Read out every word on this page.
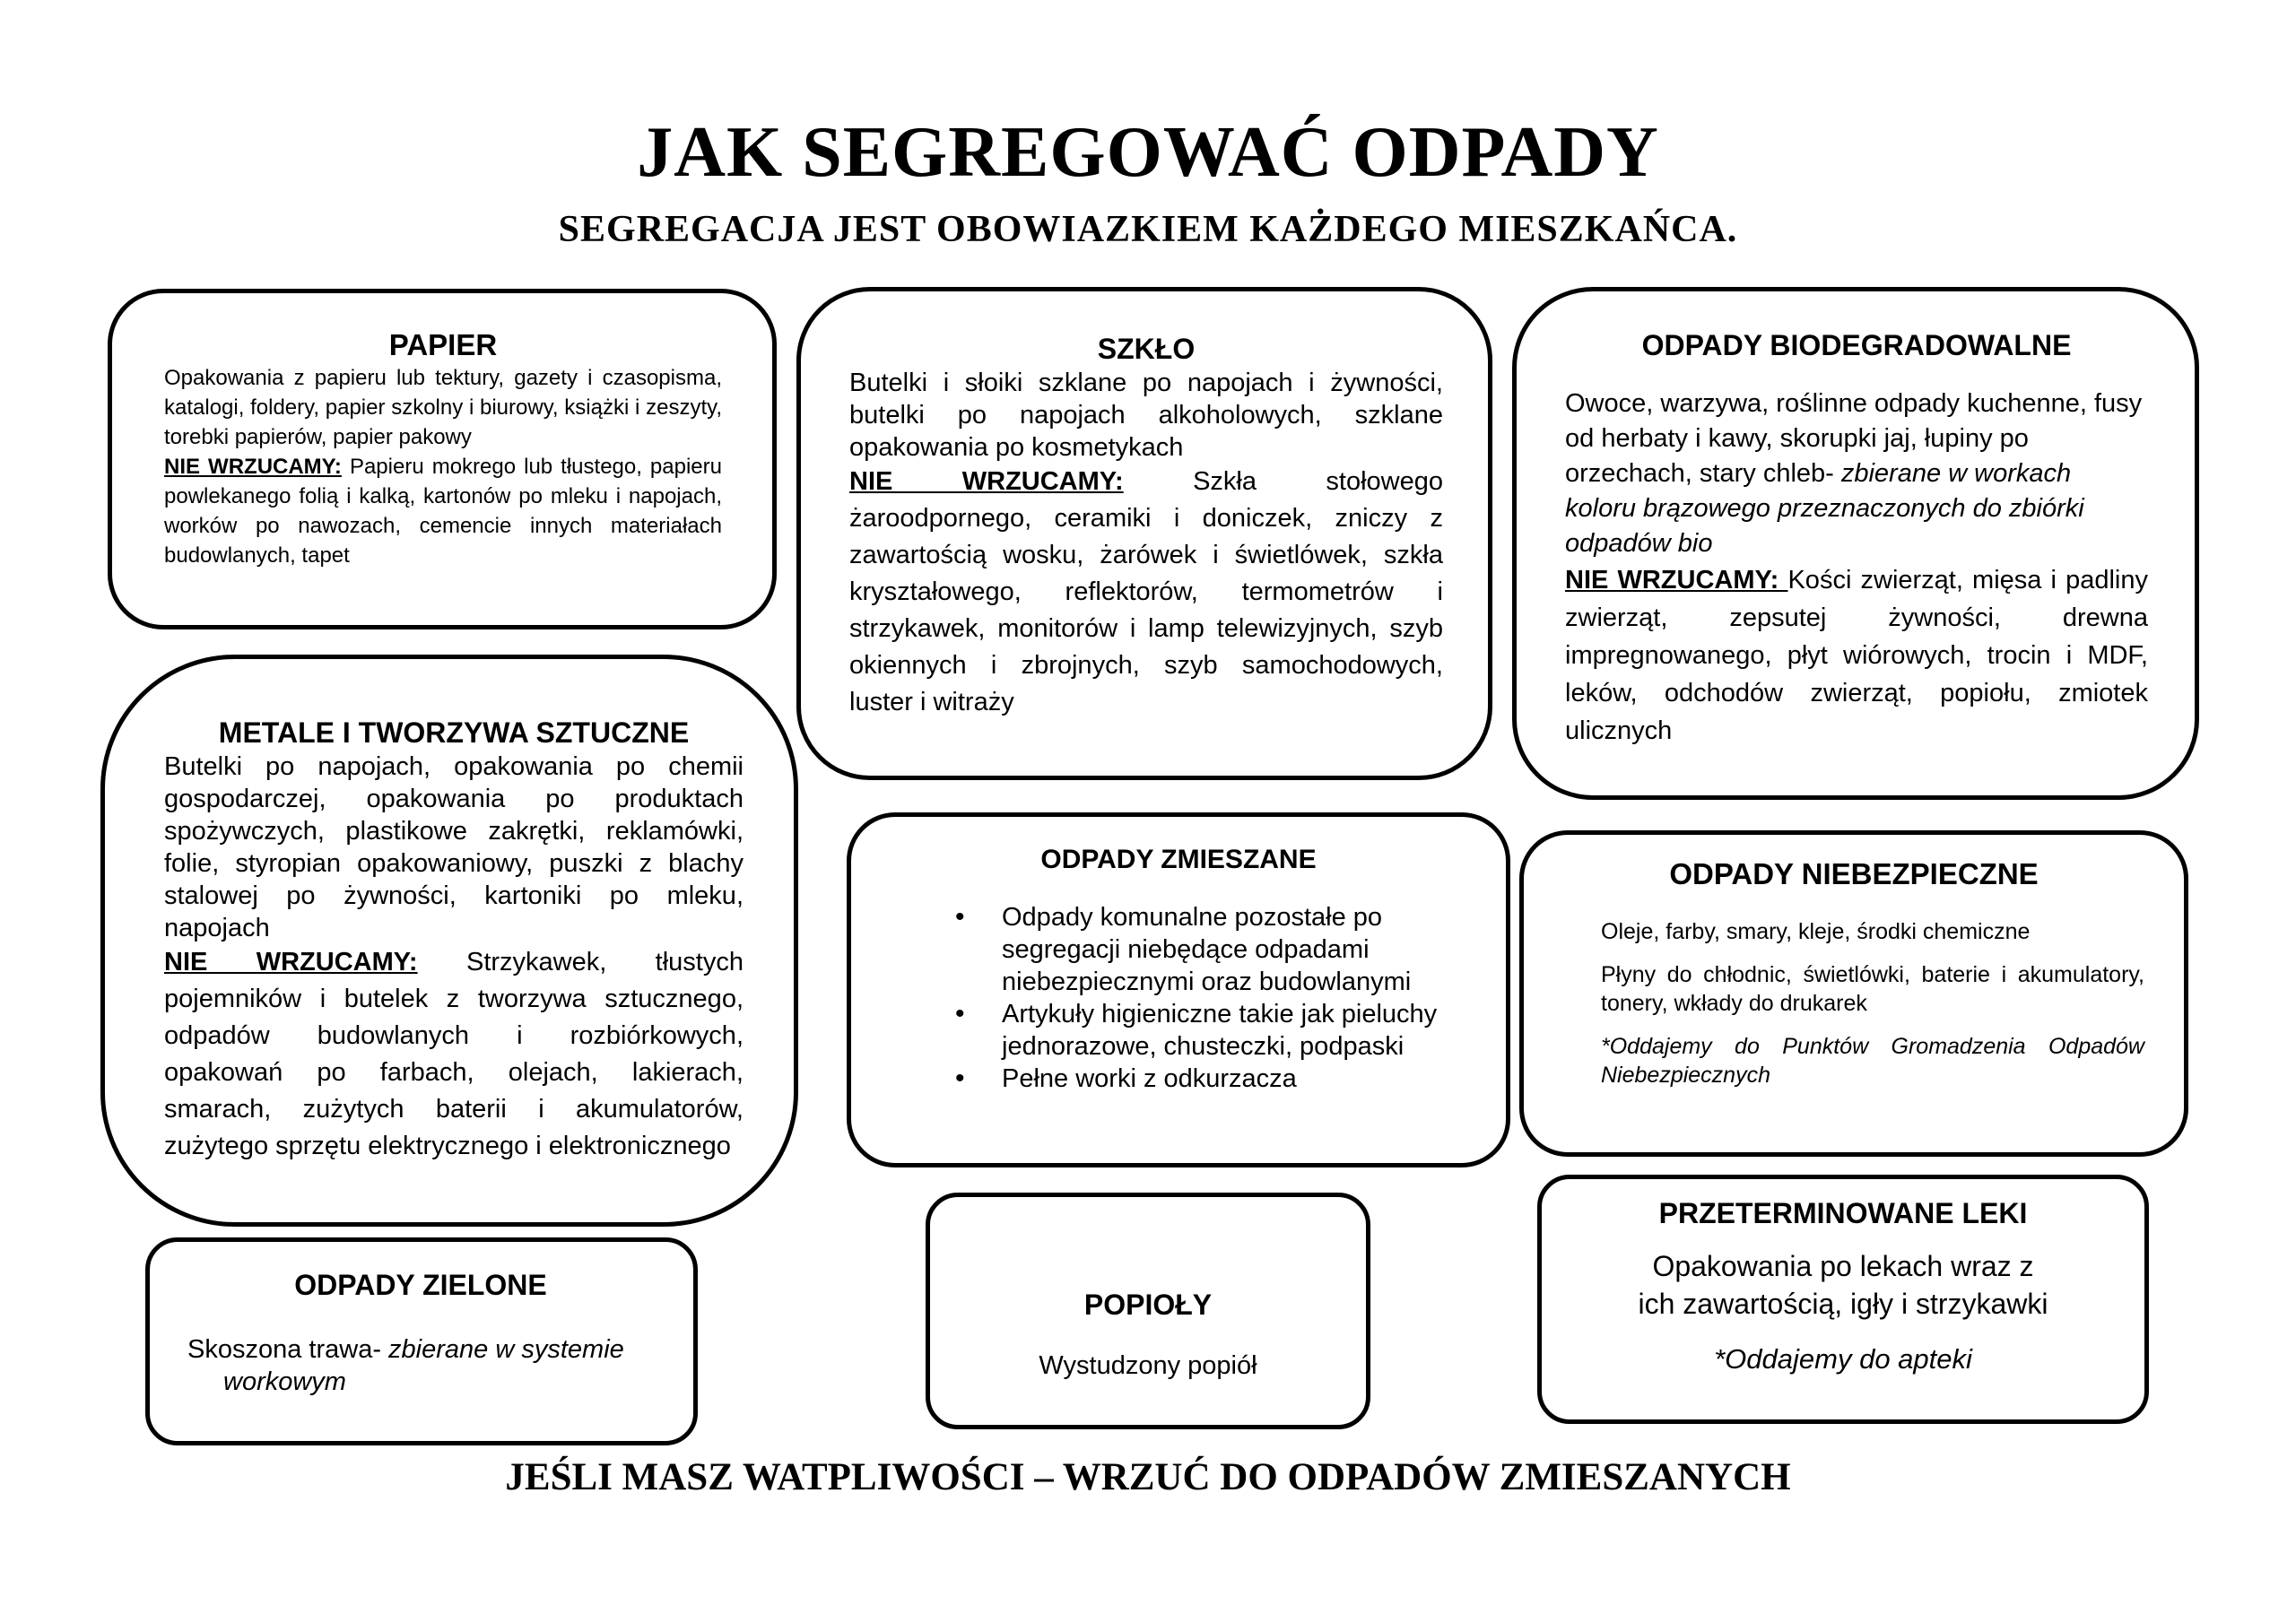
JAK SEGREGOWAĆ ODPADY
SEGREGACJA JEST OBOWIAZKIEM KAŻDEGO MIESZKAŃCA.
PAPIER

Opakowania z papieru lub tektury, gazety i czasopisma, katalogi, foldery, papier szkolny i biurowy, książki i zeszyty, torebki papierów, papier pakowy

NIE WRZUCAMY: Papieru mokrego lub tłustego, papieru powlekanego folią i kalką, kartonów po mleku i napojach, worków po nawozach, cemencie innych materiałach budowlanych, tapet

SZKŁO

Butelki i słoiki szklane po napojach i żywności, butelki po napojach alkoholowych, szklane opakowania po kosmetykach

NIE WRZUCAMY: Szkła stołowego żaroodpornego, ceramiki i doniczek, zniczy z zawartością wosku, żarówek i świetlówek, szkła kryształowego, reflektorów, termometrów i strzykawek, monitorów i lamp telewizyjnych, szyb okiennych i zbrojnych, szyb samochodowych, luster i witraży

ODPADY BIODEGRADOWALNE

Owoce, warzywa, roślinne odpady kuchenne, fusy od herbaty i kawy, skorupki jaj, łupiny po orzechach, stary chleb- zbierane w workach koloru brązowego przeznaczonych do zbiórki odpadów bio

NIE WRZUCAMY: Kości zwierząt, mięsa i padliny zwierząt, zepsutej żywności, drewna impregnowanego, płyt wiórowych, trocin i MDF, leków, odchodów zwierząt, popiołu, zmiotek ulicznych

METALE I TWORZYWA SZTUCZNE

Butelki po napojach, opakowania po chemii gospodarczej, opakowania po produktach spożywczych, plastikowe zakrętki, reklamówki, folie, styropian opakowaniowy, puszki z blachy stalowej po żywności, kartoniki po mleku, napojach

NIE WRZUCAMY: Strzykawek, tłustych pojemników i butelek z tworzywa sztucznego, odpadów budowlanych i rozbiórkowych, opakowań po farbach, olejach, lakierach, smarach, zużytych baterii i akumulatorów, zużytego sprzętu elektrycznego i elektronicznego

ODPADY ZMIESZANE
• Odpady komunalne pozostałe po segregacji niebędące odpadami niebezpiecznymi oraz budowlanymi
• Artykuły higieniczne takie jak pieluchy jednorazowe, chusteczki, podpaski
• Pełne worki z odkurzacza
ODPADY NIEBEZPIECZNE

Oleje, farby, smary, kleje, środki chemiczne

Płyny do chłodnic, świetlówki, baterie i akumulatory, tonery, wkłady do drukarek

*Oddajemy do Punktów Gromadzenia Odpadów Niebezpiecznych

ODPADY ZIELONE

Skoszona trawa- zbierane w systemie

workowym

POPIOŁY

Wystudzony popiół

PRZETERMINOWANE LEKI

Opakowania po lekach wraz z

ich zawartością, igły i strzykawki

*Oddajemy do apteki

JEŚLI MASZ WATPLIWOŚCI – WRZUĆ DO ODPADÓW ZMIESZANYCH
